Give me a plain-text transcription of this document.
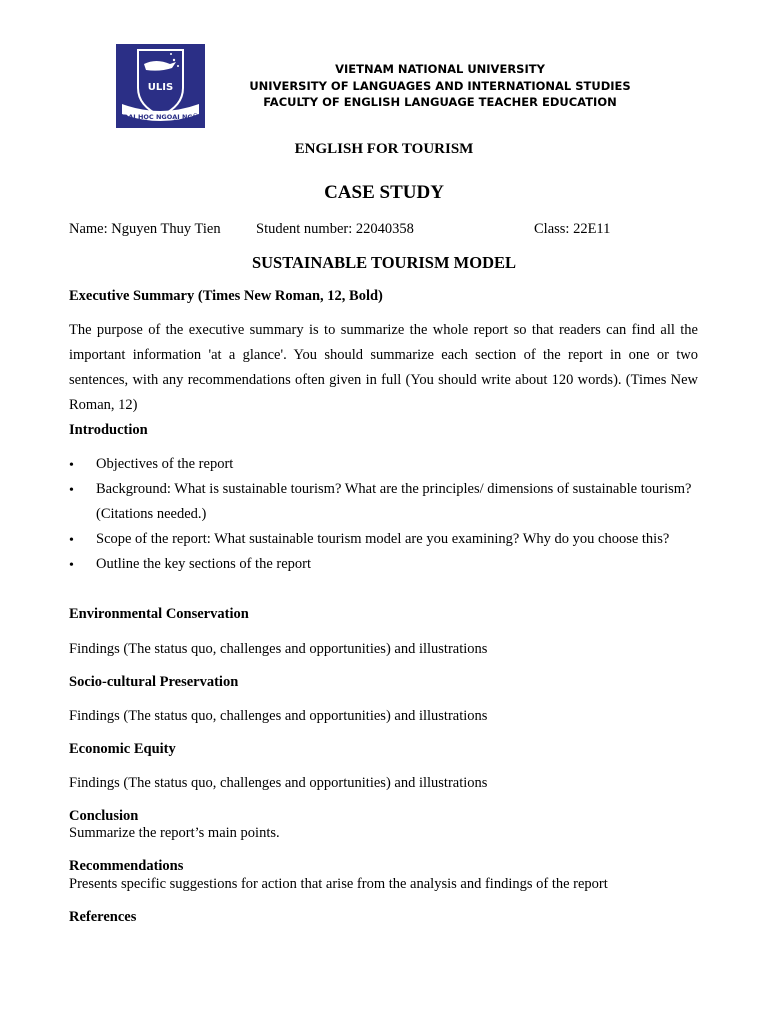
ULIS
ĐẠI HỌC NGOẠI NGỮ
VIETNAM NATIONAL UNIVERSITY
UNIVERSITY OF LANGUAGES AND INTERNATIONAL STUDIES
FACULTY OF ENGLISH LANGUAGE TEACHER EDUCATION
ENGLISH FOR TOURISM
CASE STUDY
Name: Nguyen Thuy Tien Student number: 22040358	Class: 22E11
SUSTAINABLE TOURISM MODEL
Executive Summary (Times New Roman, 12, Bold)
The purpose of the executive summary is to summarize the whole report so that readers can find all the important information 'at a glance'. You should summarize each section of the report in one or two sentences, with any recommendations often given in full (You should write about 120 words). (Times New Roman, 12)
Introduction
• Objectives of the report
• Background: What is sustainable tourism? What are the principles/ dimensions of sustainable tourism? (Citations needed.)
• Scope of the report: What sustainable tourism model are you examining? Why do you choose this?
• Outline the key sections of the report
Environmental Conservation
Findings (The status quo, challenges and opportunities) and illustrations
Socio-cultural Preservation
Findings (The status quo, challenges and opportunities) and illustrations
Economic Equity
Findings (The status quo, challenges and opportunities) and illustrations
Conclusion
Summarize the report’s main points.
Recommendations
Presents specific suggestions for action that arise from the analysis and findings of the report
References
